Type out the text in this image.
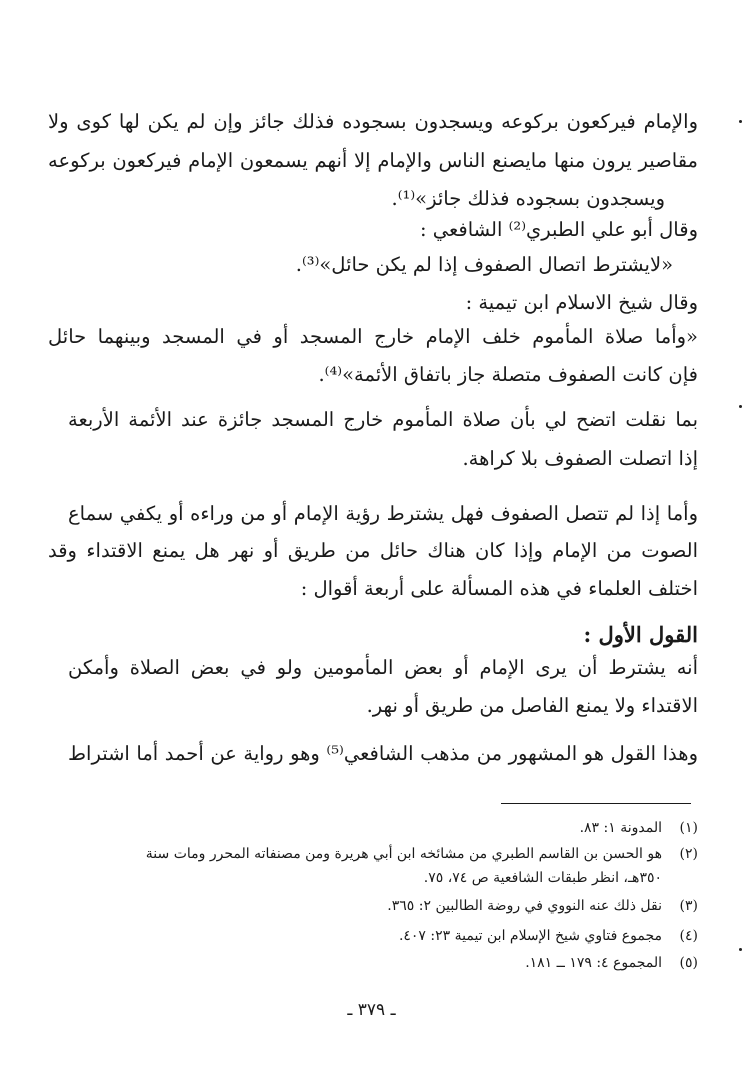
والإمام فيركعون بركوعه ويسجدون بسجوده فذلك جائز وإن لم يكن لها كوى ولا
مقاصير يرون منها مايصنع الناس والإمام إلا أنهم يسمعون الإمام فيركعون بركوعه
ويسجدون بسجوده فذلك جائز»⁽¹⁾.
وقال أبو علي الطبري⁽²⁾ الشافعي :
«لايشترط اتصال الصفوف إذا لم يكن حائل»⁽³⁾.
وقال شيخ الاسلام ابن تيمية :
«وأما صلاة المأموم خلف الإمام خارج المسجد أو في المسجد وبينهما حائل
فإن كانت الصفوف متصلة جاز باتفاق الأئمة»⁽⁴⁾.
بما نقلت اتضح لي بأن صلاة المأموم خارج المسجد جائزة عند الأئمة الأربعة
إذا اتصلت الصفوف بلا كراهة.
وأما إذا لم تتصل الصفوف فهل يشترط رؤية الإمام أو من وراءه أو يكفي سماع
الصوت من الإمام وإذا كان هناك حائل من طريق أو نهر هل يمنع الاقتداء وقد
اختلف العلماء في هذه المسألة على أربعة أقوال :
القول الأول :
أنه يشترط أن يرى الإمام أو بعض المأمومين ولو في بعض الصلاة وأمكن
الاقتداء ولا يمنع الفاصل من طريق أو نهر.
وهذا القول هو المشهور من مذهب الشافعي⁽⁵⁾ وهو رواية عن أحمد أما اشتراط
(١)المدونة ١: ٨٣.
(٢)هو الحسن بن القاسم الطبري من مشائخه ابن أبي هريرة ومن مصنفاته المحرر ومات سنة
٣٥٠هـ، انظر طبقات الشافعية ص ٧٤، ٧٥.
(٣)نقل ذلك عنه النووي في روضة الطالبين ٢: ٣٦٥.
(٤)مجموع فتاوي شيخ الإسلام ابن تيمية ٢٣: ٤٠٧.
(٥)المجموع ٤: ١٧٩ ــ ١٨١.
ـ ٣٧٩ ـ
